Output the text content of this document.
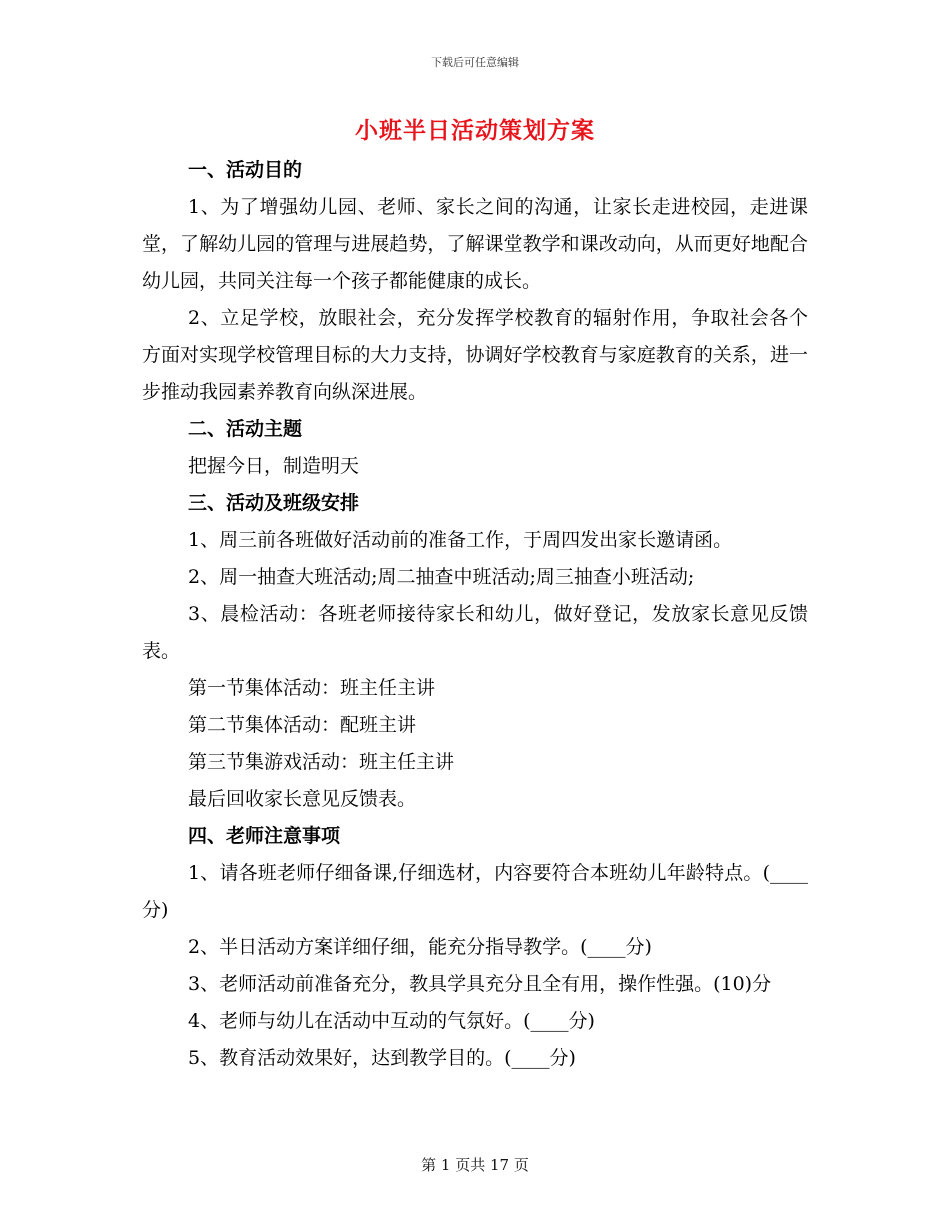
下载后可任意编辑
小班半日活动策划方案

一、活动目的

1、为了增强幼儿园、老师、家长之间的沟通，让家长走进校园，走进课堂，了解幼儿园的管理与进展趋势，了解课堂教学和课改动向，从而更好地配合幼儿园，共同关注每一个孩子都能健康的成长。

2、立足学校，放眼社会，充分发挥学校教育的辐射作用，争取社会各个方面对实现学校管理目标的大力支持，协调好学校教育与家庭教育的关系，进一步推动我园素养教育向纵深进展。

二、活动主题

把握今日，制造明天

三、活动及班级安排

1、周三前各班做好活动前的准备工作，于周四发出家长邀请函。

2、周一抽查大班活动;周二抽查中班活动;周三抽查小班活动;

3、晨检活动：各班老师接待家长和幼儿，做好登记，发放家长意见反馈表。

第一节集体活动：班主任主讲

第二节集体活动：配班主讲

第三节集游戏活动：班主任主讲

最后回收家长意见反馈表。

四、老师注意事项

1、请各班老师仔细备课,仔细选材，内容要符合本班幼儿年龄特点。(____分)

2、半日活动方案详细仔细，能充分指导教学。(____分)

3、老师活动前准备充分，教具学具充分且全有用，操作性强。(10)分

4、老师与幼儿在活动中互动的气氛好。(____分)

5、教育活动效果好，达到教学目的。(____分)

第 1 页共 17 页
